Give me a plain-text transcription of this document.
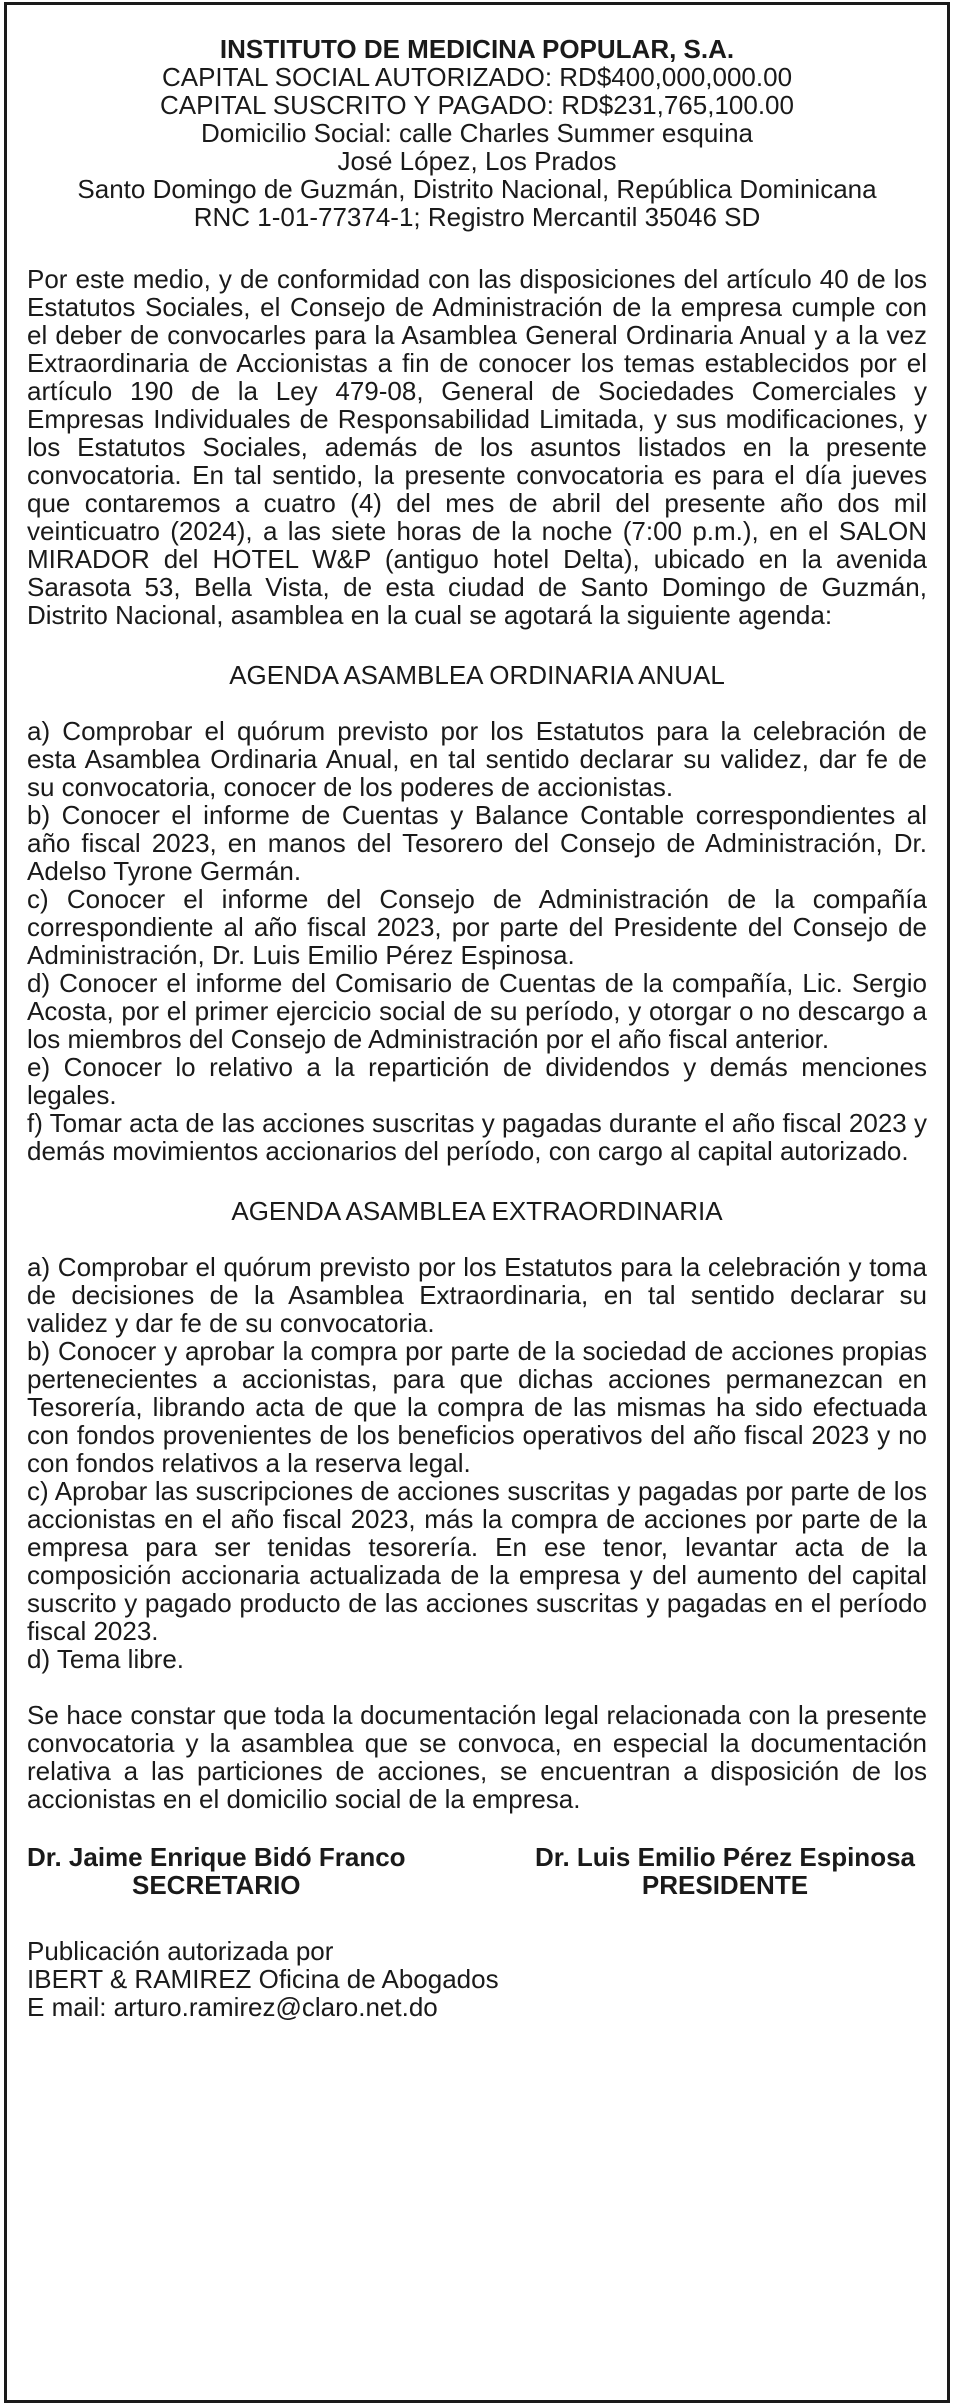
INSTITUTO DE MEDICINA POPULAR, S.A.
CAPITAL SOCIAL AUTORIZADO: RD$400,000,000.00
CAPITAL SUSCRITO Y PAGADO: RD$231,765,100.00
Domicilio Social: calle Charles Summer esquina
José López, Los Prados
Santo Domingo de Guzmán, Distrito Nacional, República Dominicana
RNC 1-01-77374-1; Registro Mercantil 35046 SD

Por este medio, y de conformidad con las disposiciones del artículo 40 de los Estatutos Sociales, el Consejo de Administración de la empresa cumple con el deber de convocarles para la Asamblea General Ordinaria Anual y a la vez Extraordinaria de Accionistas a fin de conocer los temas establecidos por el artículo 190 de la Ley 479-08, General de Sociedades Comerciales y Empresas Individuales de Responsabilidad Limitada, y sus modificaciones, y los Estatutos Sociales, además de los asuntos listados en la presente convocatoria. En tal sentido, la presente convocatoria es para el día jueves que contaremos a cuatro (4) del mes de abril del presente año dos mil veinticuatro (2024), a las siete horas de la noche (7:00 p.m.), en el SALON MIRADOR del HOTEL W&P (antiguo hotel Delta), ubicado en la avenida Sarasota 53, Bella Vista, de esta ciudad de Santo Domingo de Guzmán, Distrito Nacional, asamblea en la cual se agotará la siguiente agenda:

AGENDA ASAMBLEA ORDINARIA ANUAL

a) Comprobar el quórum previsto por los Estatutos para la celebración de esta Asamblea Ordinaria Anual, en tal sentido declarar su validez, dar fe de su convocatoria, conocer de los poderes de accionistas.

b) Conocer el informe de Cuentas y Balance Contable correspondientes al año fiscal 2023, en manos del Tesorero del Consejo de Administración, Dr. Adelso Tyrone Germán.

c) Conocer el informe del Consejo de Administración de la compañía correspondiente al año fiscal 2023, por parte del Presidente del Consejo de Administración, Dr. Luis Emilio Pérez Espinosa.

d) Conocer el informe del Comisario de Cuentas de la compañía, Lic. Sergio Acosta, por el primer ejercicio social de su período, y otorgar o no descargo a los miembros del Consejo de Administración por el año fiscal anterior.

e) Conocer lo relativo a la repartición de dividendos y demás menciones legales.

f) Tomar acta de las acciones suscritas y pagadas durante el año fiscal 2023 y demás movimientos accionarios del período, con cargo al capital autorizado.

AGENDA ASAMBLEA EXTRAORDINARIA

a) Comprobar el quórum previsto por los Estatutos para la celebración y toma de decisiones de la Asamblea Extraordinaria, en tal sentido declarar su validez y dar fe de su convocatoria.

b) Conocer y aprobar la compra por parte de la sociedad de acciones propias pertenecientes a accionistas, para que dichas acciones permanezcan en Tesorería, librando acta de que la compra de las mismas ha sido efectuada con fondos provenientes de los beneficios operativos del año fiscal 2023 y no con fondos relativos a la reserva legal.

c) Aprobar las suscripciones de acciones suscritas y pagadas por parte de los accionistas en el año fiscal 2023, más la compra de acciones por parte de la empresa para ser tenidas tesorería. En ese tenor, levantar acta de la composición accionaria actualizada de la empresa y del aumento del capital suscrito y pagado producto de las acciones suscritas y pagadas en el período fiscal 2023.

d) Tema libre.

Se hace constar que toda la documentación legal relacionada con la presente convocatoria y la asamblea que se convoca, en especial la documentación relativa a las particiones de acciones, se encuentran a disposición de los accionistas en el domicilio social de la empresa.

Dr. Jaime Enrique Bidó Franco
SECRETARIO
Dr. Luis Emilio Pérez Espinosa
PRESIDENTE
Publicación autorizada por
IBERT & RAMIREZ Oficina de Abogados
E mail: arturo.ramirez@claro.net.do
